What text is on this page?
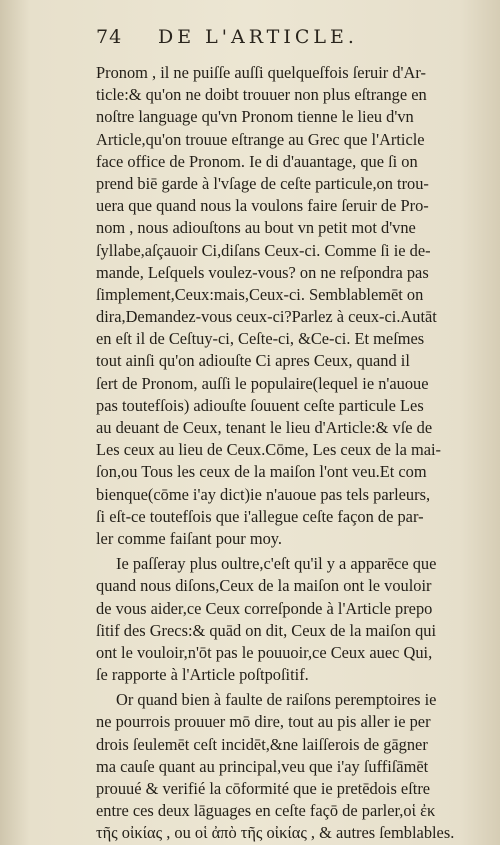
74 DE L'ARTICLE.
Pronom , il ne puiſſe auſſi quelqueſfois ſeruir d'Ar-
ticle:& qu'on ne doibt trouuer non plus eſtrange en
noſtre language qu'vn Pronom tienne le lieu d'vn
Article,qu'on trouue eſtrange au Grec que l'Article
face office de Pronom. Ie di d'auantage, que ſi on
prend biē garde à l'vſage de ceſte particule,on trou-
uera que quand nous la voulons faire ſeruir de Pro-
nom , nous adiouſtons au bout vn petit mot d'vne
ſyllabe,aſçauoir Ci,diſans Ceux-ci. Comme ſi ie de-
mande, Leſquels voulez-vous? on ne reſpondra pas
ſimplement,Ceux:mais,Ceux-ci. Semblablemēt on
dira,Demandez-vous ceux-ci?Parlez à ceux-ci.Autāt
en eſt il de Ceſtuy-ci, Ceſte-ci, &Ce-ci. Et meſmes
tout ainſi qu'on adiouſte Ci apres Ceux, quand il
ſert de Pronom, auſſi le populaire(lequel ie n'auoue
pas toutefſois) adiouſte ſouuent ceſte particule Les
au deuant de Ceux, tenant le lieu d'Article:& vſe de
Les ceux au lieu de Ceux.Cōme, Les ceux de la mai-
ſon,ou Tous les ceux de la maiſon l'ont veu.Et com
bienque(cōme i'ay dict)ie n'auoue pas tels parleurs,
ſi eſt-ce toutefſois que i'allegue ceſte façon de par-
ler comme faiſant pour moy.
Ie paſſeray plus oultre,c'eſt qu'il y a apparēce que
quand nous diſons,Ceux de la maiſon ont le vouloir
de vous aider,ce Ceux correſponde à l'Article prepo
ſitif des Grecs:& quād on dit, Ceux de la maiſon qui
ont le vouloir,n'ōt pas le pouuoir,ce Ceux auec Qui,
ſe rapporte à l'Article poſtpoſitif.
Or quand bien à faulte de raiſons peremptoires ie
ne pourrois prouuer mō dire, tout au pis aller ie per
drois ſeulemēt ceſt incidēt,&ne laiſſerois de gāgner
ma cauſe quant au principal,veu que i'ay ſuffiſāmēt
prouué & verifié la cōformité que ie pretēdois eſtre
entre ces deux lāguages en ceſte façō de parler,οἱ ἐκ
τῆς οἰκίας , ou οἱ ἀπὸ τῆς οἰκίας , & autres ſemblables.
